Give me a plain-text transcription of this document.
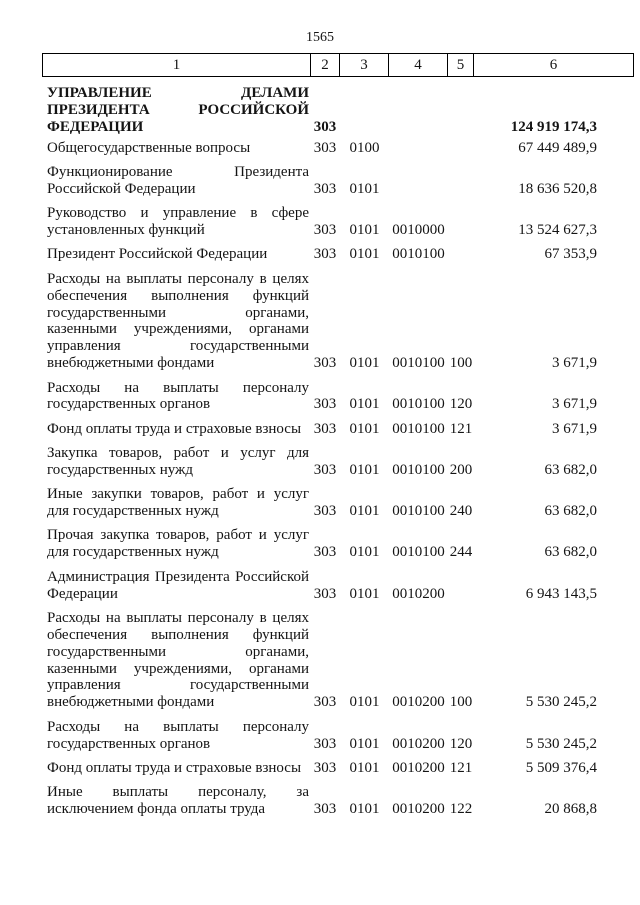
1565
1	2	3	4	5	6
УПРАВЛЕНИЕ ДЕЛАМИ
ПРЕЗИДЕНТА РОССИЙСКОЙ
ФЕДЕРАЦИИ	303	124 919 174,3
Общегосударственные вопросы	303 0100	67 449 489,9
Функционирование Президента
Российской Федерации	303 0101	18 636 520,8
Руководство и управление в сфере
установленных функций	303 0101 0010000	13 524 627,3
Президент Российской Федерации	303 0101 0010100	67 353,9
Расходы на выплаты персоналу в целях
обеспечения выполнения функций
государственными органами,
казенными учреждениями, органами
управления государственными
внебюджетными фондами	303 0101 0010100 100	3 671,9
Расходы на выплаты персоналу
государственных органов	303 0101 0010100 120	3 671,9
Фонд оплаты труда и страховые взносы 303 0101 0010100 121	3 671,9
Закупка товаров, работ и услуг для
государственных нужд	303 0101 0010100 200	63 682,0
Иные закупки товаров, работ и услуг
для государственных нужд	303 0101 0010100 240	63 682,0
Прочая закупка товаров, работ и услуг
для государственных нужд	303 0101 0010100 244	63 682,0
Администрация Президента Российской
Федерации	303 0101 0010200	6 943 143,5
Расходы на выплаты персоналу в целях
обеспечения выполнения функций
государственными органами,
казенными учреждениями, органами
управления государственными
внебюджетными фондами	303 0101 0010200 100	5 530 245,2
Расходы на выплаты персоналу
государственных органов	303 0101 0010200 120	5 530 245,2
Фонд оплаты труда и страховые взносы 303 0101 0010200 121	5 509 376,4
Иные выплаты персоналу, за
исключением фонда оплаты труда	303 0101 0010200 122	20 868,8
